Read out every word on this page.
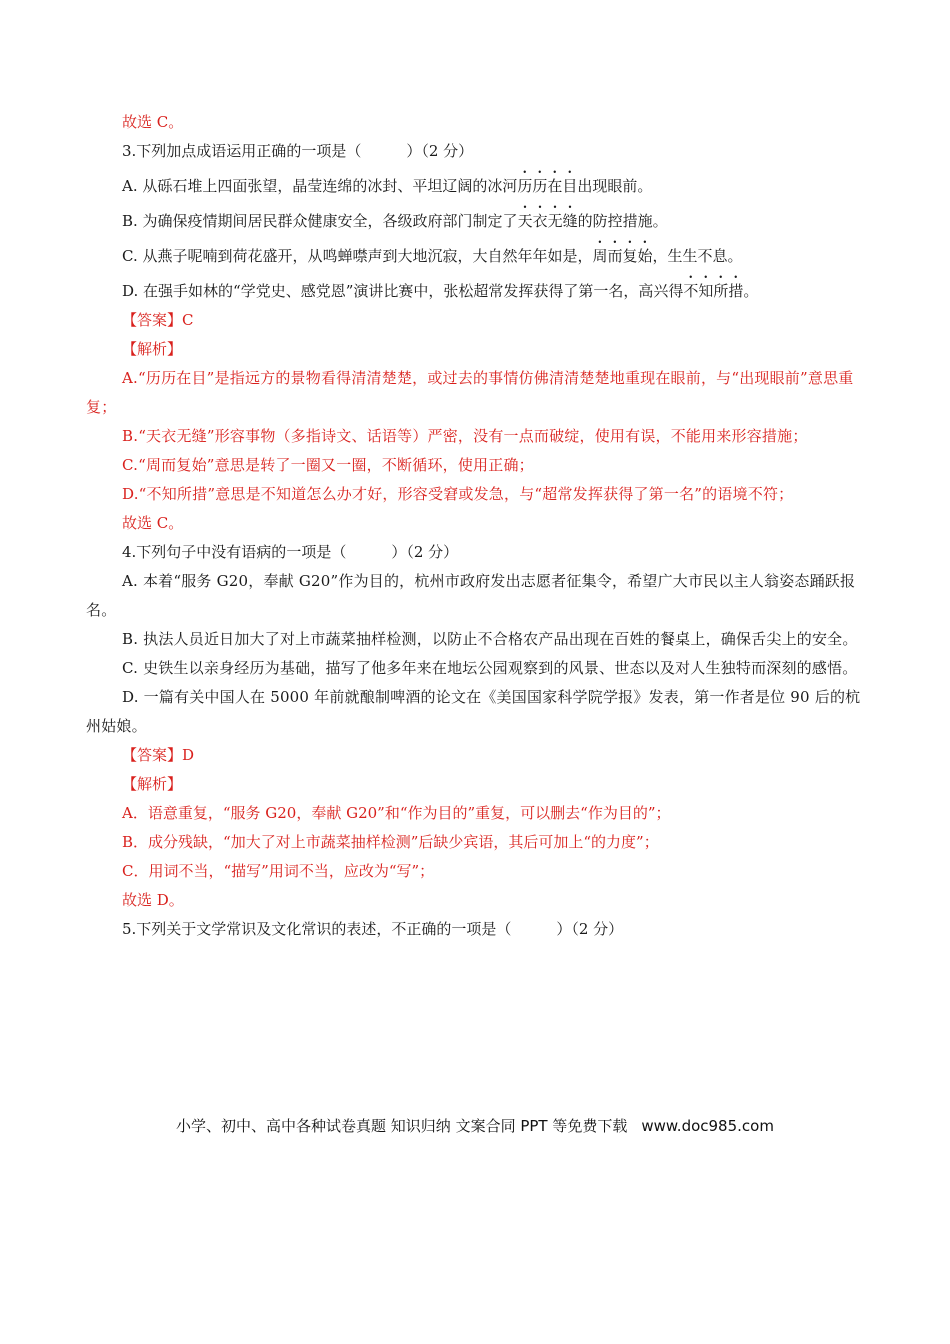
故选 C。
3.下列加点成语运用正确的一项是（　　　）（2 分）
A. 从砾石堆上四面张望，晶莹连绵的冰封、平坦辽阔的冰河历历在目出现眼前。
B. 为确保疫情期间居民群众健康安全，各级政府部门制定了天衣无缝的防控措施。
C. 从燕子呢喃到荷花盛开，从鸣蝉噤声到大地沉寂，大自然年年如是，周而复始，生生不息。
D. 在强手如林的“学党史、感党恩”演讲比赛中，张松超常发挥获得了第一名，高兴得不知所措。
【答案】C
【解析】
A.“历历在目”是指远方的景物看得清清楚楚，或过去的事情仿佛清清楚楚地重现在眼前，与“出现眼前”意思重复；
B.“天衣无缝”形容事物（多指诗文、话语等）严密，没有一点而破绽，使用有误，不能用来形容措施；
C.“周而复始”意思是转了一圈又一圈，不断循环，使用正确；
D.“不知所措”意思是不知道怎么办才好，形容受窘或发急，与“超常发挥获得了第一名”的语境不符；
故选 C。
4.下列句子中没有语病的一项是（　　　）（2 分）
A. 本着“服务 G20，奉献 G20”作为目的，杭州市政府发出志愿者征集令，希望广大市民以主人翁姿态踊跃报名。
B. 执法人员近日加大了对上市蔬菜抽样检测，以防止不合格农产品出现在百姓的餐桌上，确保舌尖上的安全。
C. 史铁生以亲身经历为基础，描写了他多年来在地坛公园观察到的风景、世态以及对人生独特而深刻的感悟。
D. 一篇有关中国人在 5000 年前就酿制啤酒的论文在《美国国家科学院学报》发表，第一作者是位 90 后的杭州姑娘。
【答案】D
【解析】
A．语意重复，“服务 G20，奉献 G20”和“作为目的”重复，可以删去“作为目的”；
B．成分残缺，“加大了对上市蔬菜抽样检测”后缺少宾语，其后可加上“的力度”；
C．用词不当，“描写”用词不当，应改为“写”；
故选 D。
5.下列关于文学常识及文化常识的表述，不正确的一项是（　　　）（2 分）
小学、初中、高中各种试卷真题 知识归纳 文案合同 PPT 等免费下载 www.doc985.com
